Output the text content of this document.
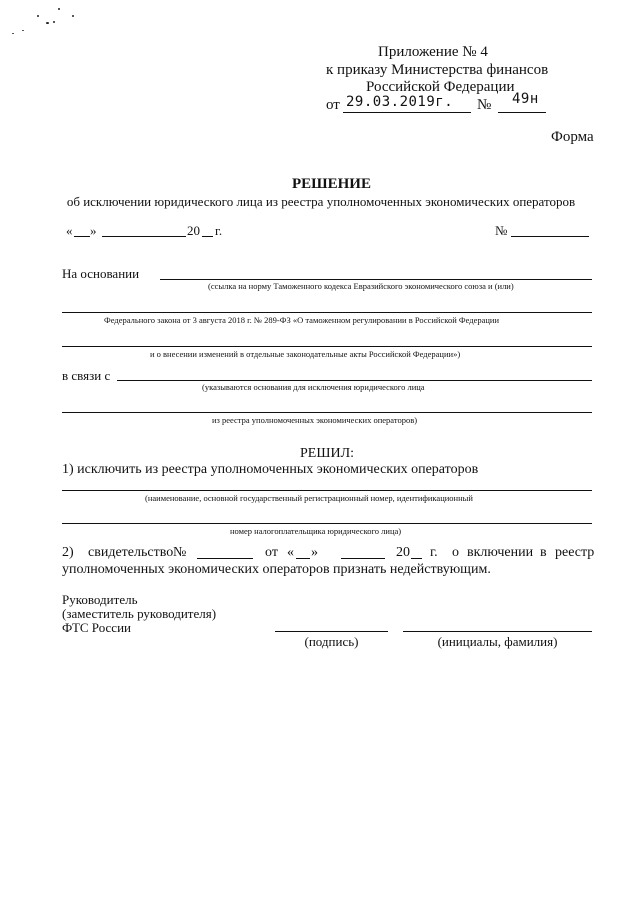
Приложение № 4
к приказу Министерства финансов
Российской Федерации
от 29.03.2019г. № 49н
Форма
РЕШЕНИЕ
об исключении юридического лица из реестра уполномоченных экономических операторов
« »	20 г.	№
На основании
(ссылка на норму Таможенного кодекса Евразийского экономического союза и (или)
Федерального закона от 3 августа 2018 г. № 289-ФЗ «О таможенном регулировании в Российской Федерации
и о внесении изменений в отдельные законодательные акты Российской Федерации»)
в связи с
(указываются основания для исключения юридического лица
из реестра уполномоченных экономических операторов)
РЕШИЛ:
1) исключить из реестра уполномоченных экономических операторов
(наименование, основной государственный регистрационный номер, идентификационный
номер налогоплательщика юридического лица)
2) свидетельство №	от « »	20 г. о включении в реестр
уполномоченных экономических операторов признать недействующим.
Руководитель
(заместитель руководителя)
ФТС России
(подпись)	(инициалы, фамилия)
